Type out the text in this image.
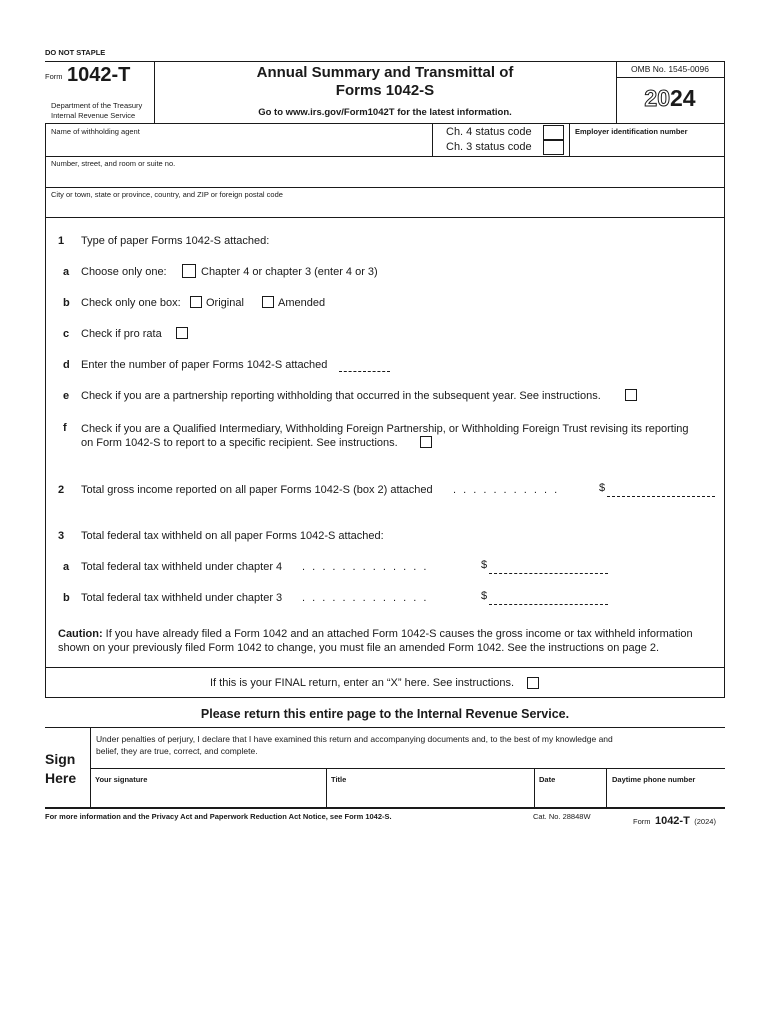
DO NOT STAPLE
Form 1042-T
Department of the Treasury
Internal Revenue Service
Annual Summary and Transmittal of
Forms 1042-S
Go to www.irs.gov/Form1042T for the latest information.
OMB No. 1545-0096
2024
Name of withholding agent	Ch. 4 status code
Ch. 3 status code
Employer identification number
Number, street, and room or suite no.
City or town, state or province, country, and ZIP or foreign postal code
1 Type of paper Forms 1042-S attached:
a Choose only one:	Chapter 4 or chapter 3 (enter 4 or 3)
b Check only one box: Original	Amended
c Check if pro rata
d Enter the number of paper Forms 1042-S attached
e Check if you are a partnership reporting withholding that occurred in the subsequent year. See instructions.
f Check if you are a Qualified Intermediary, Withholding Foreign Partnership, or Withholding Foreign Trust revising its reporting
on Form 1042-S to report to a specific recipient. See instructions.
2 Total gross income reported on all paper Forms 1042-S (box 2) attached . . . . . . . . . . .	$
3 Total federal tax withheld on all paper Forms 1042-S attached:
a Total federal tax withheld under chapter 4 . . . . . . . . . . . . .	$
b Total federal tax withheld under chapter 3 . . . . . . . . . . . . .	$
Caution: If you have already filed a Form 1042 and an attached Form 1042-S causes the gross income or tax withheld information
shown on your previously filed Form 1042 to change, you must file an amended Form 1042. See the instructions on page 2.
If this is your FINAL return, enter an “X” here. See instructions.
Please return this entire page to the Internal Revenue Service.
Sign
Here
Under penalties of perjury, I declare that I have examined this return and accompanying documents and, to the best of my knowledge and
belief, they are true, correct, and complete.
Your signature	Title	Date	Daytime phone number
For more information and the Privacy Act and Paperwork Reduction Act Notice, see Form 1042-S.	Cat. No. 28848W
Form 1042-T (2024)
